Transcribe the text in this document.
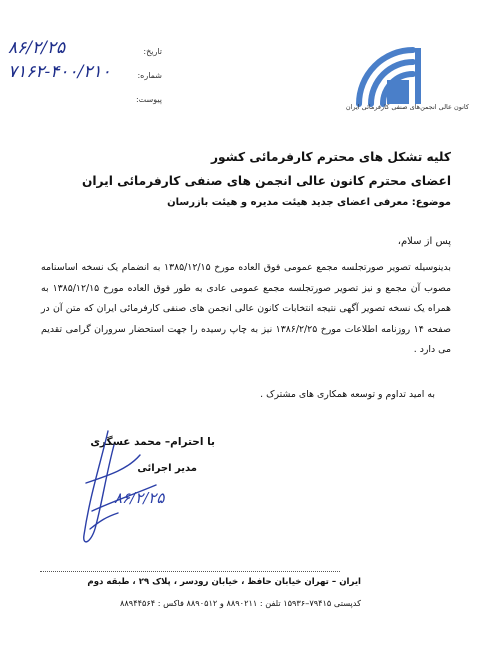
۸۶/۲/۲۵	تاریخ:
۷۱۶۲-۴۰۰/۲۱۰	شماره:
پیوست:
کانون عالی انجمن‌های صنفی کارفرمائی ایران
کلیه تشکل های محترم کارفرمائی کشور
اعضای محترم کانون عالی انجمن های صنفی کارفرمائی ایران
موضوع: معرفی اعضای جدید هیئت مدیره و هیئت بازرسان
پس از سلام،
بدینوسیله تصویر صورتجلسه مجمع عمومی فوق العاده مورخ ۱۳۸۵/۱۲/۱۵ به انضمام یک نسخه اساسنامه مصوب آن مجمع و نیز تصویر صورتجلسه مجمع عمومی عادی به طور فوق العاده مورخ ۱۳۸۵/۱۲/۱۵ به همراه یک نسخه تصویر آگهی نتیجه انتخابات کانون عالی انجمن های صنفی کارفرمائی ایران که متن آن در صفحه ۱۴ روزنامه اطلاعات مورخ ۱۳۸۶/۲/۲۵ نیز به چاپ رسیده را جهت استحضار سروران گرامی تقدیم می دارد .
به امید تداوم و توسعه همکاری های مشترک .
با احترام– محمد عسگری
مدیر اجرائی
۸۶/۲/۲۵
ایران – تهران خیابان حافظ ، خیابان رودسر ، پلاک ۲۹ ، طبقه دوم
کدپستی ۷۹۴۱۵–۱۵۹۳۶ تلفن : ۸۸۹۰۲۱۱ و ۸۸۹۰۵۱۲ فاکس : ۸۸۹۴۴۵۶۴
